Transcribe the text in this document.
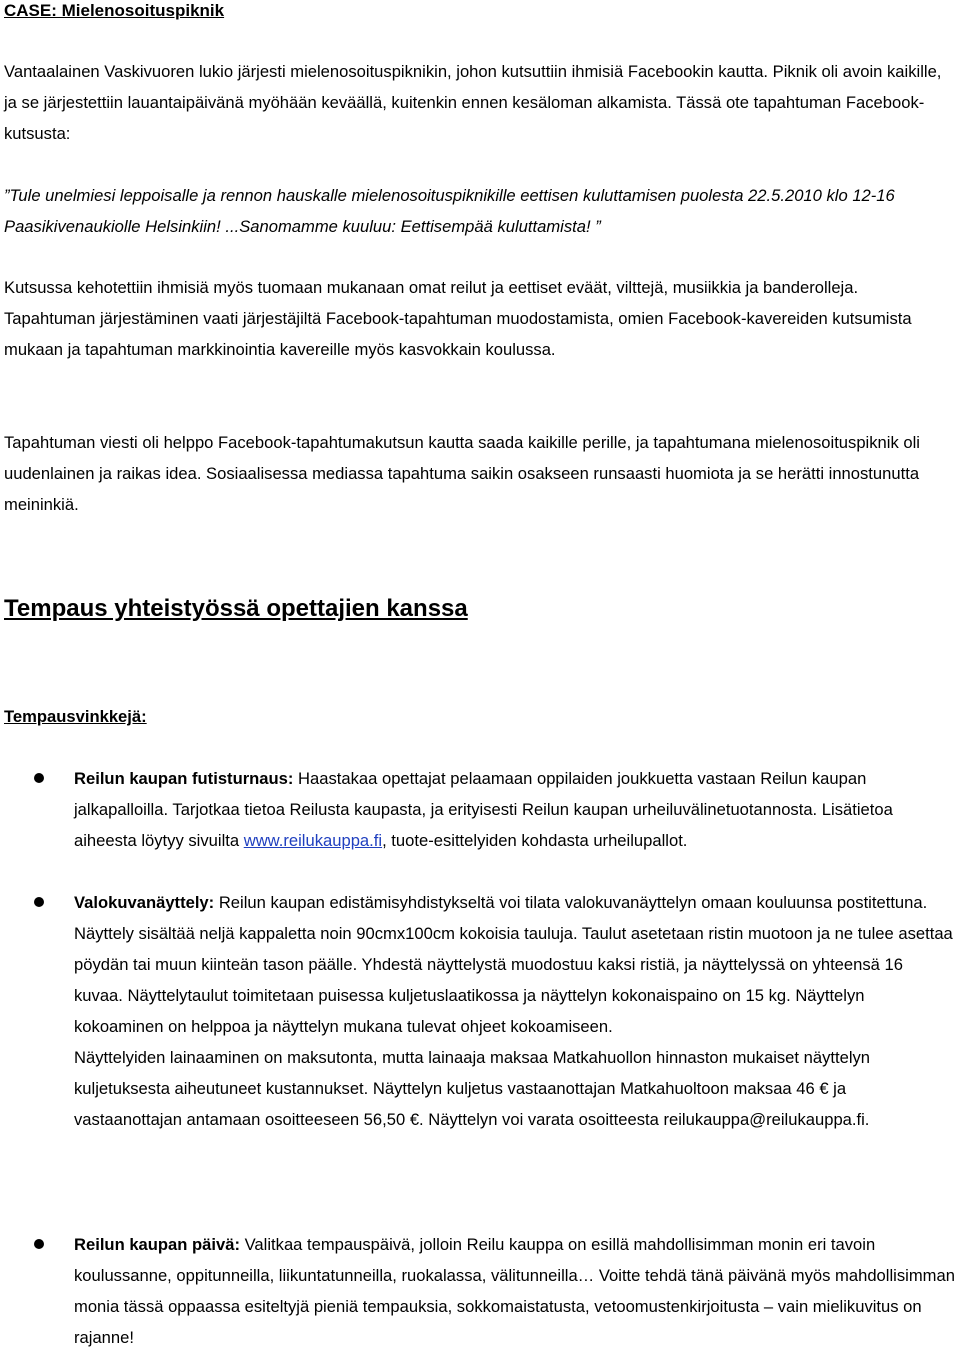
CASE: Mielenosoituspiknik
Vantaalainen Vaskivuoren lukio järjesti mielenosoituspiknikin, johon kutsuttiin ihmisiä Facebookin kautta. Piknik oli avoin kaikille, ja se järjestettiin lauantaipäivänä myöhään keväällä, kuitenkin ennen kesäloman alkamista. Tässä ote tapahtuman Facebook-kutsusta:
”Tule unelmiesi leppoisalle ja rennon hauskalle mielenosoituspiknikille eettisen kuluttamisen puolesta 22.5.2010 klo 12-16 Paasikivenaukiolle Helsinkiin! ...Sanomamme kuuluu: Eettisempää kuluttamista! ”
Kutsussa kehotettiin ihmisiä myös tuomaan mukanaan omat reilut ja eettiset eväät, vilttejä, musiikkia ja banderolleja. Tapahtuman järjestäminen vaati järjestäjiltä Facebook-tapahtuman muodostamista, omien Facebook-kavereiden kutsumista mukaan ja tapahtuman markkinointia kavereille myös kasvokkain koulussa.
Tapahtuman viesti oli helppo Facebook-tapahtumakutsun kautta saada kaikille perille, ja tapahtumana mielenosoituspiknik oli uudenlainen ja raikas idea. Sosiaalisessa mediassa tapahtuma saikin osakseen runsaasti huomiota ja se herätti innostunutta meininkiä.
Tempaus yhteistyössä opettajien kanssa
Tempausvinkkejä:
Reilun kaupan futisturnaus: Haastakaa opettajat pelaamaan oppilaiden joukkuetta vastaan Reilun kaupan jalkapalloilla. Tarjotkaa tietoa Reilusta kaupasta, ja erityisesti Reilun kaupan urheiluvälinetuotannosta. Lisätietoa aiheesta löytyy sivuilta www.reilukauppa.fi, tuote-esittelyiden kohdasta urheilupallot.
Valokuvanäyttely: Reilun kaupan edistämisyhdistykseltä voi tilata valokuvanäyttelyn omaan kouluunsa postitettuna.
Näyttely sisältää neljä kappaletta noin 90cmx100cm kokoisia tauluja. Taulut asetetaan ristin muotoon ja ne tulee asettaa pöydän tai muun kiinteän tason päälle. Yhdestä näyttelystä muodostuu kaksi ristiä, ja näyttelyssä on yhteensä 16 kuvaa. Näyttelytaulut toimitetaan puisessa kuljetuslaatikossa ja näyttelyn kokonaispaino on 15 kg. Näyttelyn kokoaminen on helppoa ja näyttelyn mukana tulevat ohjeet kokoamiseen.
Näyttelyiden lainaaminen on maksutonta, mutta lainaaja maksaa Matkahuollon hinnaston mukaiset näyttelyn kuljetuksesta aiheutuneet kustannukset. Näyttelyn kuljetus vastaanottajan Matkahuoltoon maksaa 46 € ja vastaanottajan antamaan osoitteeseen 56,50 €. Näyttelyn voi varata osoitteesta reilukauppa@reilukauppa.fi.
Reilun kaupan päivä: Valitkaa tempauspäivä, jolloin Reilu kauppa on esillä mahdollisimman monin eri tavoin koulussanne, oppitunneilla, liikuntatunneilla, ruokalassa, välitunneilla… Voitte tehdä tänä päivänä myös mahdollisimman monia tässä oppaassa esiteltyjä pieniä tempauksia, sokkomaistatusta, vetoomustenkirjoitusta – vain mielikuvitus on rajanne!
